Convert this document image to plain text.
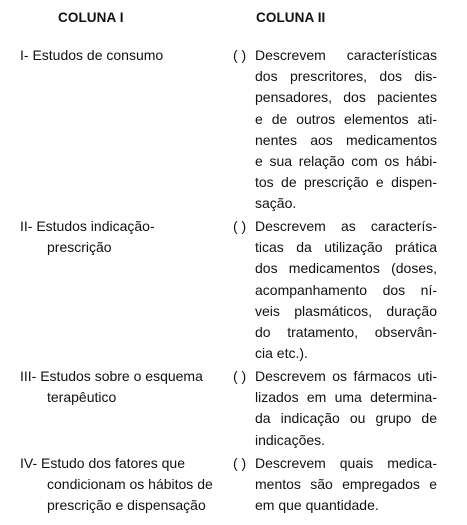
COLUNA I	COLUNA II
I- Estudos de consumo	( ) Descrevem características
dos prescritores, dos dis-
pensadores, dos pacientes
e de outros elementos ati-
nentes aos medicamentos
e sua relação com os hábi-
tos de prescrição e dispen-
sação.
II- Estudos indicação-
prescrição
( ) Descrevem as caracterís-
ticas da utilização prática
dos medicamentos (doses,
acompanhamento dos ní-
veis plasmáticos, duração
do tratamento, observân-
cia etc.).
III- Estudos sobre o esquema
terapêutico
( ) Descrevem os fármacos uti-
lizados em uma determina-
da indicação ou grupo de
indicações.
IV- Estudo dos fatores que
condicionam os hábitos de
prescrição e dispensação
( ) Descrevem quais medica-
mentos são empregados e
em que quantidade.
